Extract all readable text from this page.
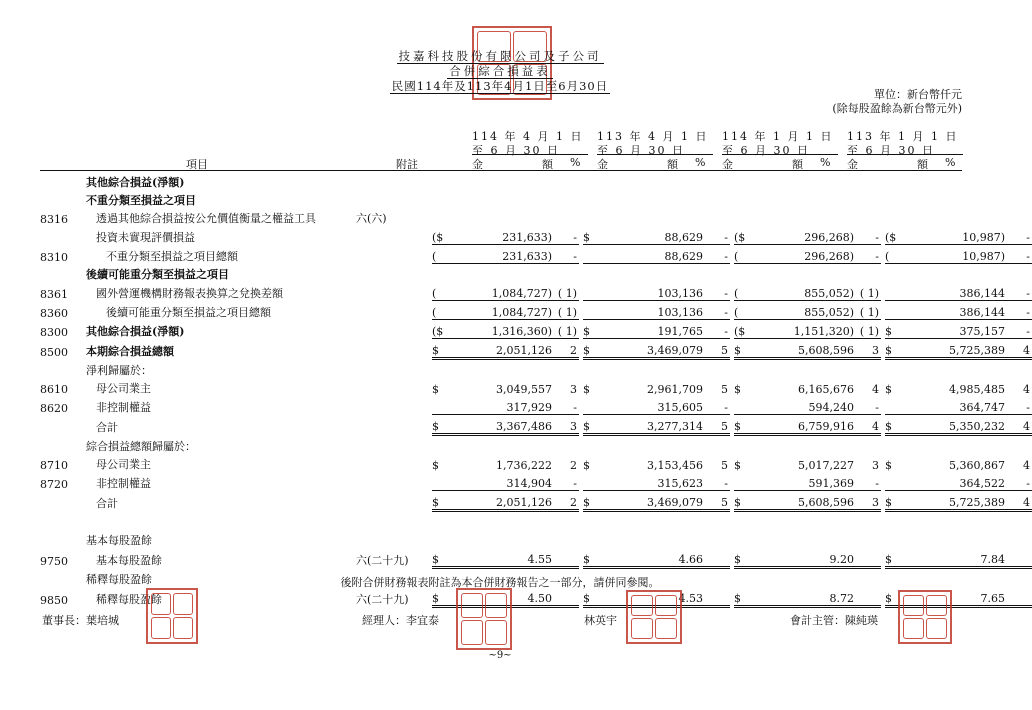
技嘉科技股份有限公司及子公司
合併綜合損益表
民國114年及113年4月1日至6月30日
單位：新台幣仟元
(除每股盈餘為新台幣元外)
114 年 4 月 1 日
至 6 月 30 日
113 年 4 月 1 日
至 6 月 30 日
114 年 1 月 1 日
至 6 月 30 日
113 年 1 月 1 日
至 6 月 30 日
項目	附註	金	額 % 金	額 % 金	額 % 金	額 %
	其他綜合損益(淨額)																
	不重分類至損益之項目																
8316	透過其他綜合損益按公允價值衡量之權益工具	六(六)															
	投資未實現評價損益		($	231,633)	-		$	88,629	-		($	296,268)	-		($	10,987)	-
8310	不重分類至損益之項目總額		(	231,633)	-			88,629	-		(	296,268)	-		(	10,987)	-
	後續可能重分類至損益之項目																
8361	國外營運機構財務報表換算之兌換差額		(	1,084,727)	( 1)			103,136	-		(	855,052)	( 1)			386,144	-
8360	後續可能重分類至損益之項目總額		(	1,084,727)	( 1)			103,136	-		(	855,052)	( 1)			386,144	-
8300	其他綜合損益(淨額)		($	1,316,360)	( 1)		$	191,765	-		($	1,151,320)	( 1)		$	375,157	-
8500	本期綜合損益總額		$	2,051,126	2		$	3,469,079	5		$	5,608,596	3		$	5,725,389	4
	淨利歸屬於：																
8610	母公司業主		$	3,049,557	3		$	2,961,709	5		$	6,165,676	4		$	4,985,485	4
8620	非控制權益			317,929	-			315,605	-			594,240	-			364,747	-
	合計		$	3,367,486	3		$	3,277,314	5		$	6,759,916	4		$	5,350,232	4
	綜合損益總額歸屬於：																
8710	母公司業主		$	1,736,222	2		$	3,153,456	5		$	5,017,227	3		$	5,360,867	4
8720	非控制權益			314,904	-			315,623	-			591,369	-			364,522	-
	合計		$	2,051,126	2		$	3,469,079	5		$	5,608,596	3		$	5,725,389	4

	基本每股盈餘																
9750	基本每股盈餘	六(二十九)	$	4.55			$	4.66			$	9.20			$	7.84	
	稀釋每股盈餘																
9850	稀釋每股盈餘	六(二十九)	$	4.50			$	4.53			$	8.72			$	7.65	
後附合併財務報表附註為本合併財務報告之一部分，請併同參閱。
董事長：葉培城	經理人：李宜泰	林英宇	會計主管：陳純瑛
~9~
